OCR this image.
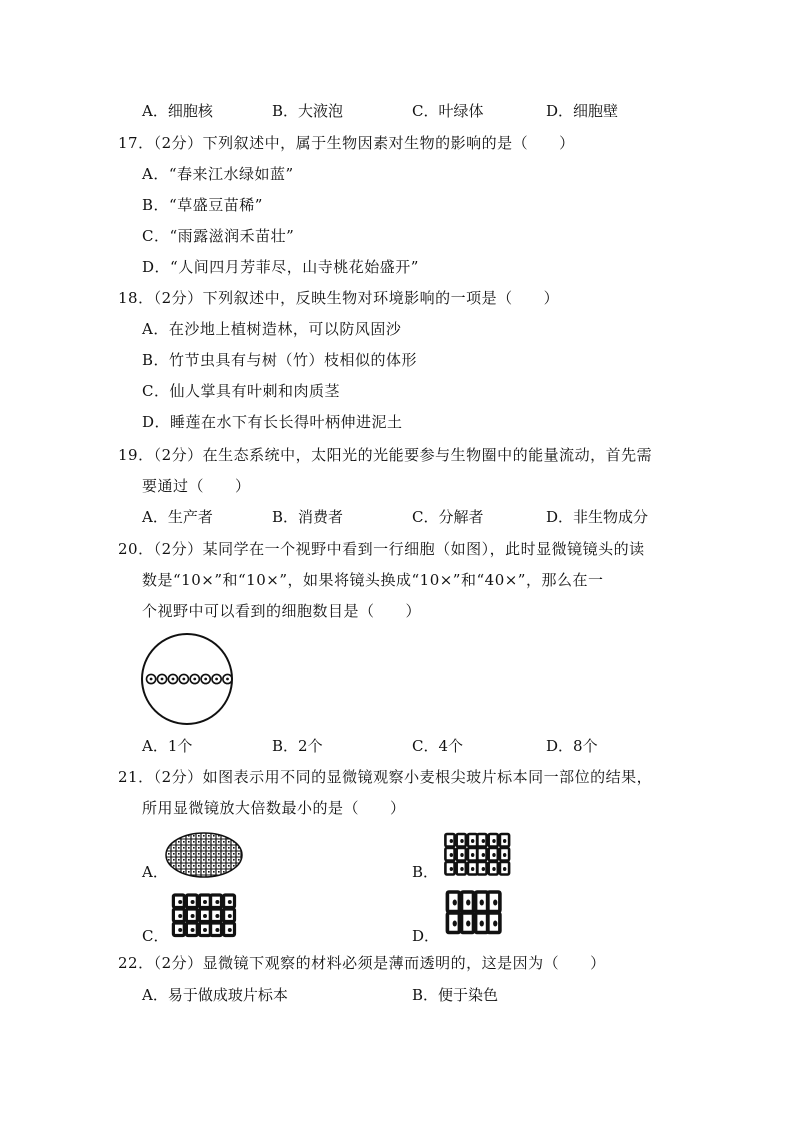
A．细胞核	B．大液泡	C．叶绿体	D．细胞壁
17．（2分）下列叙述中，属于生物因素对生物的影响的是（　　）
A．“春来江水绿如蓝”
B．“草盛豆苗稀”
C．“雨露滋润禾苗壮”
D．“人间四月芳菲尽，山寺桃花始盛开”
18．（2分）下列叙述中，反映生物对环境影响的一项是（　　）
A．在沙地上植树造林，可以防风固沙
B．竹节虫具有与树（竹）枝相似的体形
C．仙人掌具有叶刺和肉质茎
D．睡莲在水下有长长得叶柄伸进泥土
19．（2分）在生态系统中，太阳光的光能要参与生物圈中的能量流动，首先需
要通过（　　）
A．生产者	B．消费者	C．分解者	D．非生物成分
20．（2分）某同学在一个视野中看到一行细胞（如图），此时显微镜镜头的读
数是“10×”和“10×”，如果将镜头换成“10×”和“40×”，那么在一
个视野中可以看到的细胞数目是（　　）
A．1个	B．2个	C．4个	D．8个
21．（2分）如图表示用不同的显微镜观察小麦根尖玻片标本同一部位的结果，
所用显微镜放大倍数最小的是（　　）
A．	B．
C．	D．
22．（2分）显微镜下观察的材料必须是薄而透明的，这是因为（　　）
A．易于做成玻片标本	B．便于染色
